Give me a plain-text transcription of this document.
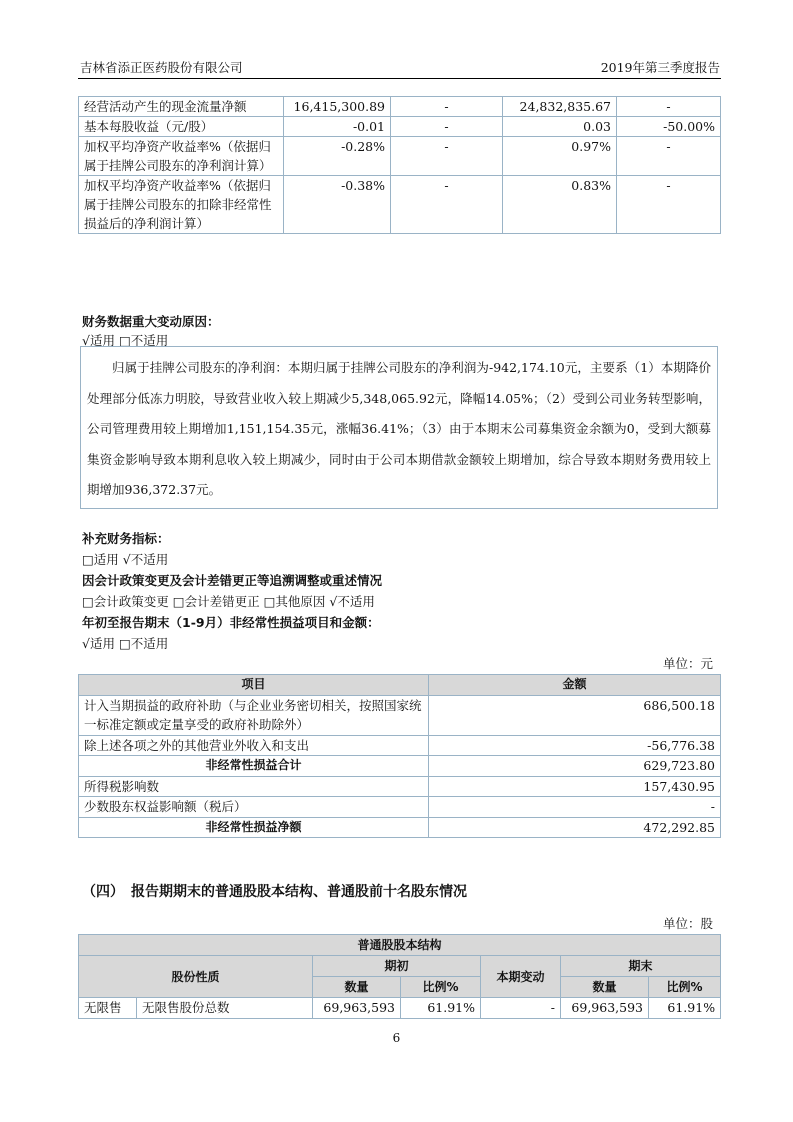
吉林省添正医药股份有限公司	2019年第三季度报告
经营活动产生的现金流量净额	16,415,300.89	-	24,832,835.67	-
基本每股收益（元/股）	-0.01	-	0.03	-50.00%
加权平均净资产收益率%（依据归属于挂牌公司股东的净利润计算）	-0.28%	-	0.97%	-
加权平均净资产收益率%（依据归属于挂牌公司股东的扣除非经常性损益后的净利润计算）	-0.38%	-	0.83%	-
财务数据重大变动原因：
√适用 □不适用
归属于挂牌公司股东的净利润：本期归属于挂牌公司股东的净利润为-942,174.10元，主要系（1）本期降价处理部分低冻力明胶，导致营业收入较上期减少5,348,065.92元，降幅14.05%；（2）受到公司业务转型影响，公司管理费用较上期增加1,151,154.35元，涨幅36.41%；（3）由于本期末公司募集资金余额为0，受到大额募集资金影响导致本期利息收入较上期减少，同时由于公司本期借款金额较上期增加，综合导致本期财务费用较上期增加936,372.37元。
补充财务指标：
□适用 √不适用
因会计政策变更及会计差错更正等追溯调整或重述情况
□会计政策变更 □会计差错更正 □其他原因 √不适用
年初至报告期末（1-9月）非经常性损益项目和金额：
√适用 □不适用
单位：元
项目	金额
计入当期损益的政府补助（与企业业务密切相关，按照国家统一标准定额或定量享受的政府补助除外）	686,500.18
除上述各项之外的其他营业外收入和支出	-56,776.38
非经常性损益合计	629,723.80
所得税影响数	157,430.95
少数股东权益影响额（税后）	-
非经常性损益净额	472,292.85
（四）　报告期期末的普通股股本结构、普通股前十名股东情况
单位：股
普通股股本结构						
股份性质		期初		本期变动	期末	
		数量	比例%		数量	比例%
无限售	无限售股份总数	69,963,593	61.91%	-	69,963,593	61.91%
6
